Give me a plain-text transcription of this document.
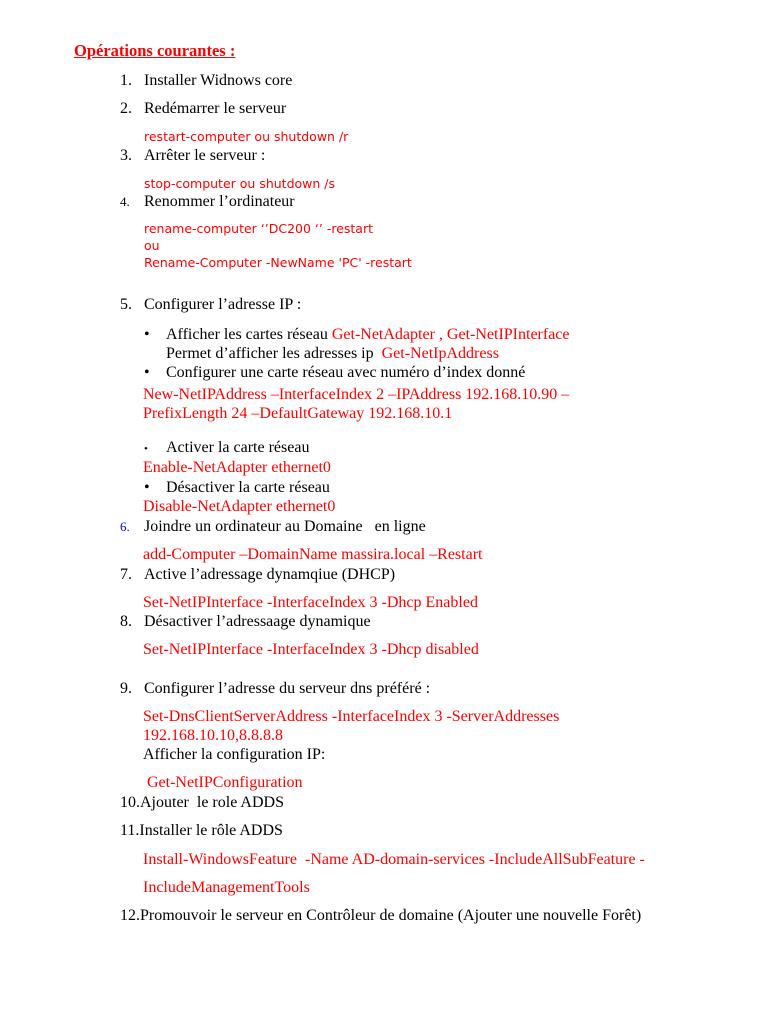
Opérations courantes :
1. Installer Widnows core
2. Redémarrer le serveur
restart-computer ou shutdown /r
3. Arrêter le serveur :
stop-computer ou shutdown /s
4. Renommer l’ordinateur
rename-computer ‘’DC200 ‘’ -restart
ou
Rename-Computer -NewName 'PC' -restart
5. Configurer l’adresse IP :
• Afficher les cartes réseau Get-NetAdapter , Get-NetIPInterface
Permet d’afficher les adresses ip Get-NetIpAddress
• Configurer une carte réseau avec numéro d’index donné
New-NetIPAddress –InterfaceIndex 2 –IPAddress 192.168.10.90 –
PrefixLength 24 –DefaultGateway 192.168.10.1
• Activer la carte réseau
Enable-NetAdapter ethernet0
• Désactiver la carte réseau
Disable-NetAdapter ethernet0
6. Joindre un ordinateur au Domaine   en ligne
add-Computer –DomainName massira.local –Restart
7. Active l’adressage dynamqiue (DHCP)
Set-NetIPInterface -InterfaceIndex 3 -Dhcp Enabled
8. Désactiver l’adressaage dynamique
Set-NetIPInterface -InterfaceIndex 3 -Dhcp disabled
9. Configurer l’adresse du serveur dns préféré :
Set-DnsClientServerAddress -InterfaceIndex 3 -ServerAddresses
192.168.10.10,8.8.8.8
Afficher la configuration IP:
Get-NetIPConfiguration
10.Ajouter  le role ADDS
11.Installer le rôle ADDS
Install-WindowsFeature  -Name AD-domain-services -IncludeAllSubFeature -
IncludeManagementTools
12.Promouvoir le serveur en Contrôleur de domaine (Ajouter une nouvelle Forêt)
